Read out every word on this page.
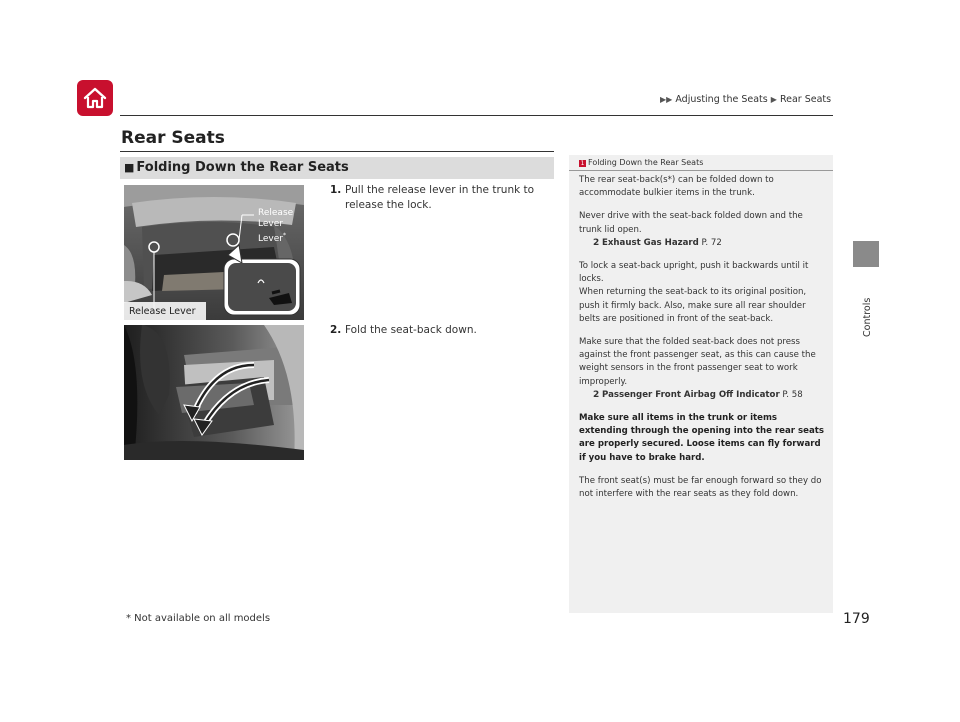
▶▶ Adjusting the Seats ▶ Rear Seats
Controls
Rear Seats
■ Folding Down the Rear Seats
Release Lever
Lever*
Release Lever
1. Pull the release lever in the trunk to release the lock.
2. Fold the seat-back down.
1 Folding Down the Rear Seats

The rear seat-back(s*) can be folded down to accommodate bulkier items in the trunk.

Never drive with the seat-back folded down and the trunk lid open.
2 Exhaust Gas Hazard P. 72

To lock a seat-back upright, push it backwards until it locks.
When returning the seat-back to its original position, push it firmly back. Also, make sure all rear shoulder belts are positioned in front of the seat-back.

Make sure that the folded seat-back does not press against the front passenger seat, as this can cause the weight sensors in the front passenger seat to work improperly.
2 Passenger Front Airbag Off Indicator P. 58

Make sure all items in the trunk or items extending through the opening into the rear seats are properly secured. Loose items can fly forward if you have to brake hard.

The front seat(s) must be far enough forward so they do not interfere with the rear seats as they fold down.

* Not available on all models	179
